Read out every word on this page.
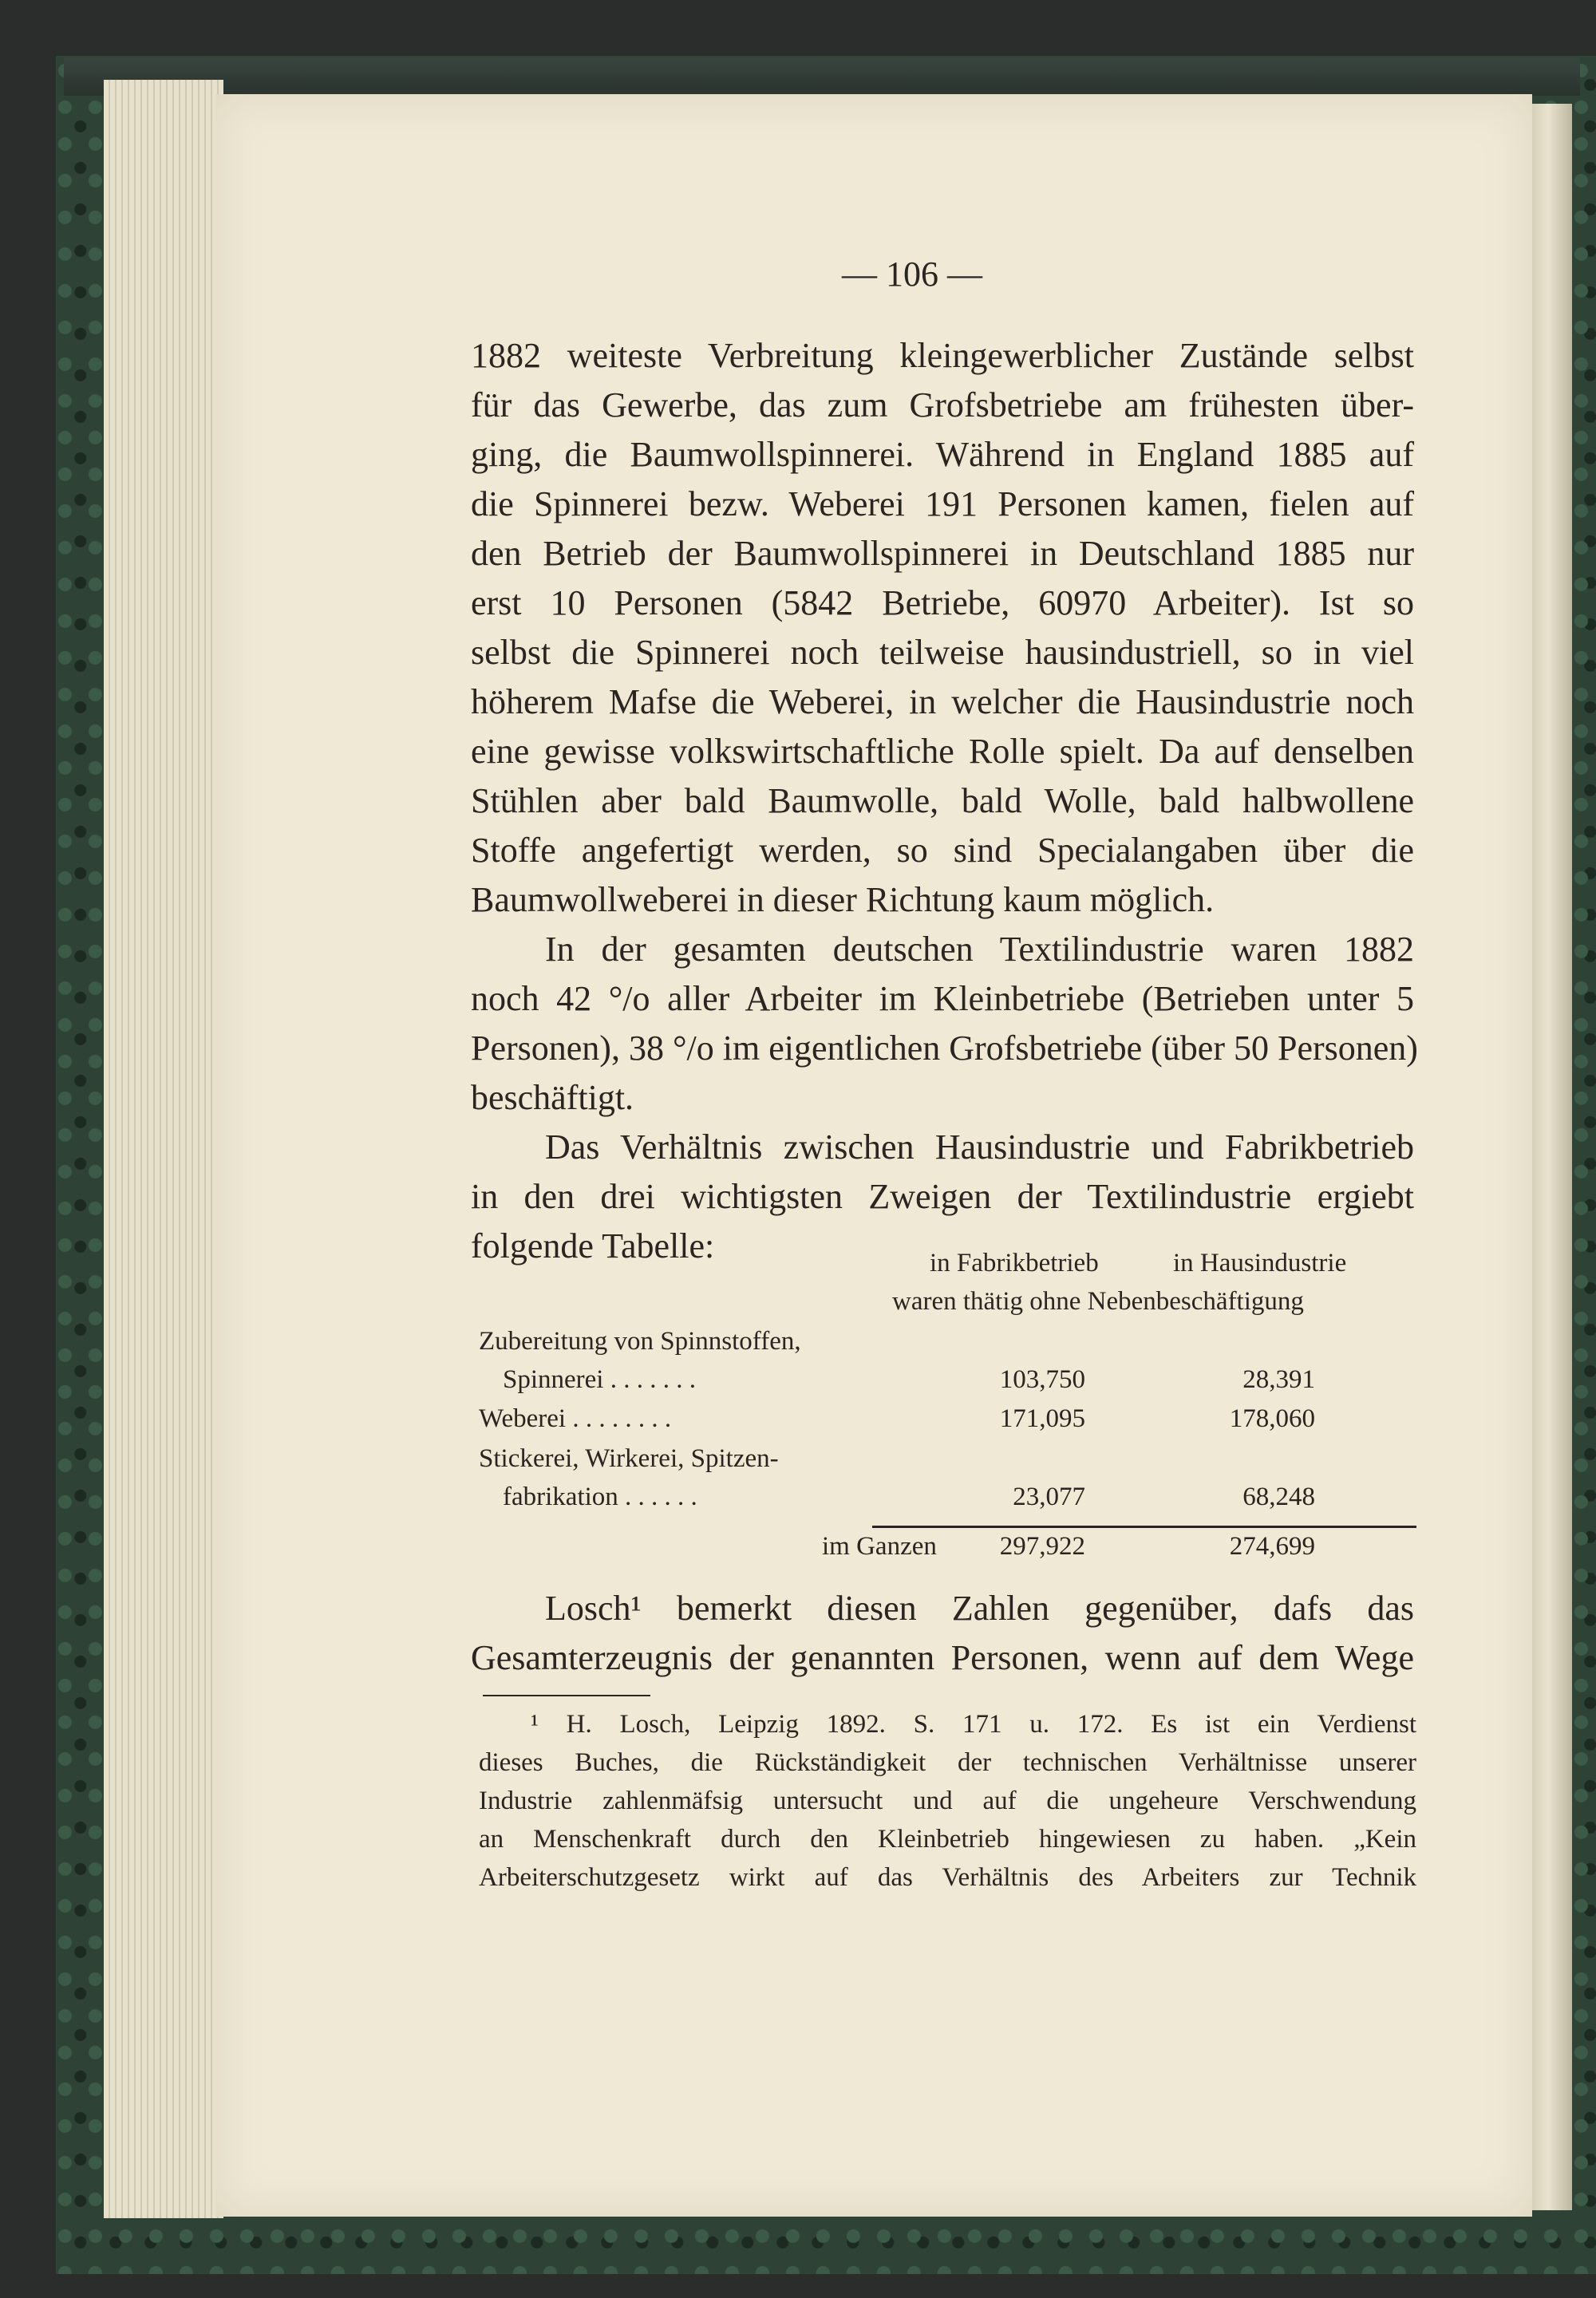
— 106 —
1882 weiteste Verbreitung kleingewerblicher Zustände selbst
für das Gewerbe, das zum Grofsbetriebe am frühesten über-
ging, die Baumwollspinnerei. Während in England 1885 auf
die Spinnerei bezw. Weberei 191 Personen kamen, fielen auf
den Betrieb der Baumwollspinnerei in Deutschland 1885 nur
erst 10 Personen (5842 Betriebe, 60970 Arbeiter). Ist so
selbst die Spinnerei noch teilweise hausindustriell, so in viel
höherem Mafse die Weberei, in welcher die Hausindustrie noch
eine gewisse volkswirtschaftliche Rolle spielt. Da auf denselben
Stühlen aber bald Baumwolle, bald Wolle, bald halbwollene
Stoffe angefertigt werden, so sind Specialangaben über die
Baumwollweberei in dieser Richtung kaum möglich.
In der gesamten deutschen Textilindustrie waren 1882
noch 42 °/o aller Arbeiter im Kleinbetriebe (Betrieben unter 5
Personen), 38 °/o im eigentlichen Grofsbetriebe (über 50 Personen)
beschäftigt.
Das Verhältnis zwischen Hausindustrie und Fabrikbetrieb
in den drei wichtigsten Zweigen der Textilindustrie ergiebt
folgende Tabelle:	in Fabrikbetrieb	in Hausindustrie
waren thätig ohne Nebenbeschäftigung
Zubereitung von Spinnstoffen,
Spinnerei . . . . . . .	103,750	28,391
Weberei . . . . . . . .	171,095	178,060
Stickerei, Wirkerei, Spitzen-
fabrikation . . . . . .	23,077	68,248
im Ganzen	297,922	274,699
Losch¹ bemerkt diesen Zahlen gegenüber, dafs das
Gesamterzeugnis der genannten Personen, wenn auf dem Wege
¹ H. Losch, Leipzig 1892. S. 171 u. 172. Es ist ein Verdienst
dieses Buches, die Rückständigkeit der technischen Verhältnisse unserer
Industrie zahlenmäfsig untersucht und auf die ungeheure Verschwendung
an Menschenkraft durch den Kleinbetrieb hingewiesen zu haben. „Kein
Arbeiterschutzgesetz wirkt auf das Verhältnis des Arbeiters zur Technik
